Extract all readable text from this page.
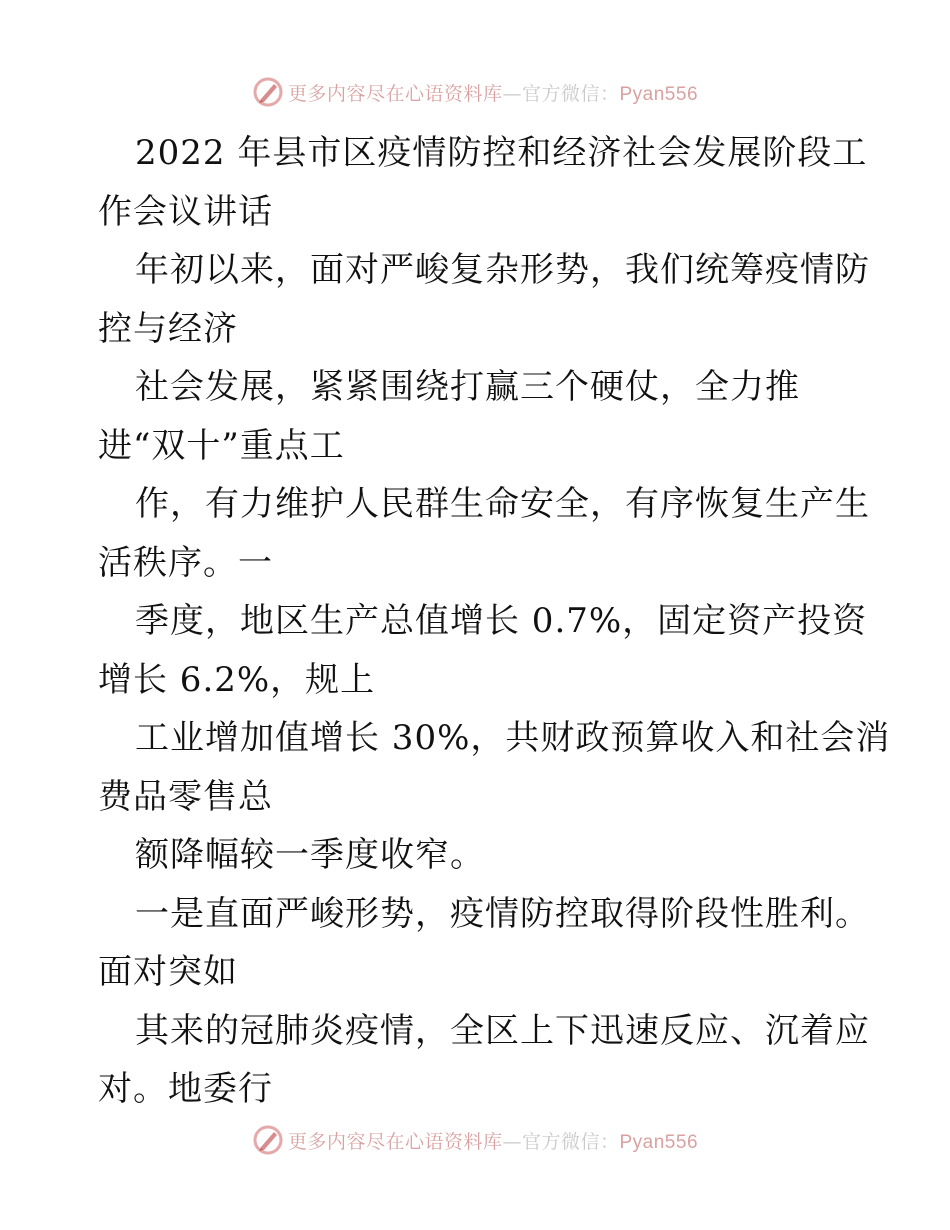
更多内容尽在心语资料库—官方微信：Pyan556
2022 年县市区疫情防控和经济社会发展阶段工
作会议讲话
年初以来，面对严峻复杂形势，我们统筹疫情防
控与经济
社会发展，紧紧围绕打赢三个硬仗，全力推
进“双十”重点工
作，有力维护人民群生命安全，有序恢复生产生
活秩序。一
季度，地区生产总值增长 0.7%，固定资产投资
增长 6.2%，规上
工业增加值增长 30%，共财政预算收入和社会消
费品零售总
额降幅较一季度收窄。
一是直面严峻形势，疫情防控取得阶段性胜利。
面对突如
其来的冠肺炎疫情，全区上下迅速反应、沉着应
对。地委行
更多内容尽在心语资料库—官方微信：Pyan556
